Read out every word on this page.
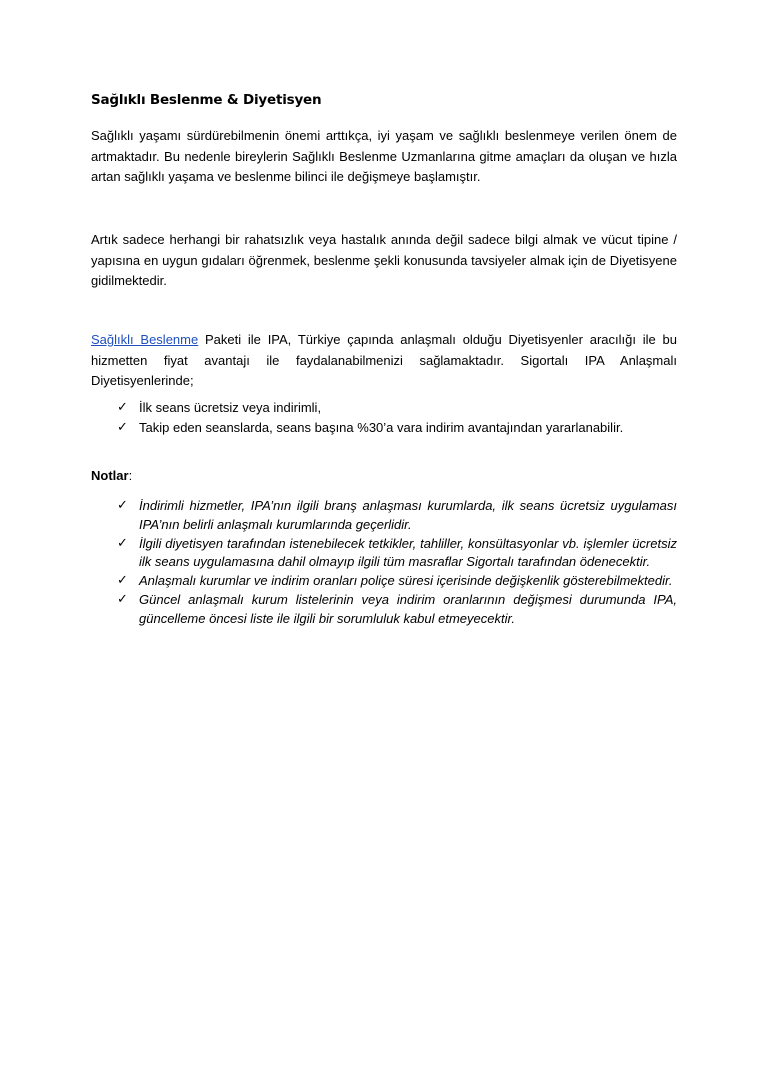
Sağlıklı Beslenme & Diyetisyen

Sağlıklı yaşamı sürdürebilmenin önemi arttıkça, iyi yaşam ve sağlıklı beslenmeye verilen önem de artmaktadır. Bu nedenle bireylerin Sağlıklı Beslenme Uzmanlarına gitme amaçları da oluşan ve hızla artan sağlıklı yaşama ve beslenme bilinci ile değişmeye başlamıştır.

Artık sadece herhangi bir rahatsızlık veya hastalık anında değil sadece bilgi almak ve vücut tipine / yapısına en uygun gıdaları öğrenmek, beslenme şekli konusunda tavsiyeler almak için de Diyetisyene gidilmektedir.

Sağlıklı Beslenme Paketi ile IPA, Türkiye çapında anlaşmalı olduğu Diyetisyenler aracılığı ile bu hizmetten fiyat avantajı ile faydalanabilmenizi sağlamaktadır. Sigortalı IPA Anlaşmalı Diyetisyenlerinde;

✓ İlk seans ücretsiz veya indirimli,
✓ Takip eden seanslarda, seans başına %30’a vara indirim avantajından yararlanabilir.
Notlar:
✓ İndirimli hizmetler, IPA’nın ilgili branş anlaşması kurumlarda, ilk seans ücretsiz uygulaması IPA’nın belirli anlaşmalı kurumlarında geçerlidir.
✓ İlgili diyetisyen tarafından istenebilecek tetkikler, tahliller, konsültasyonlar vb. işlemler ücretsiz ilk seans uygulamasına dahil olmayıp ilgili tüm masraflar Sigortalı tarafından ödenecektir.
✓ Anlaşmalı kurumlar ve indirim oranları poliçe süresi içerisinde değişkenlik gösterebilmektedir.
✓ Güncel anlaşmalı kurum listelerinin veya indirim oranlarının değişmesi durumunda IPA, güncelleme öncesi liste ile ilgili bir sorumluluk kabul etmeyecektir.
